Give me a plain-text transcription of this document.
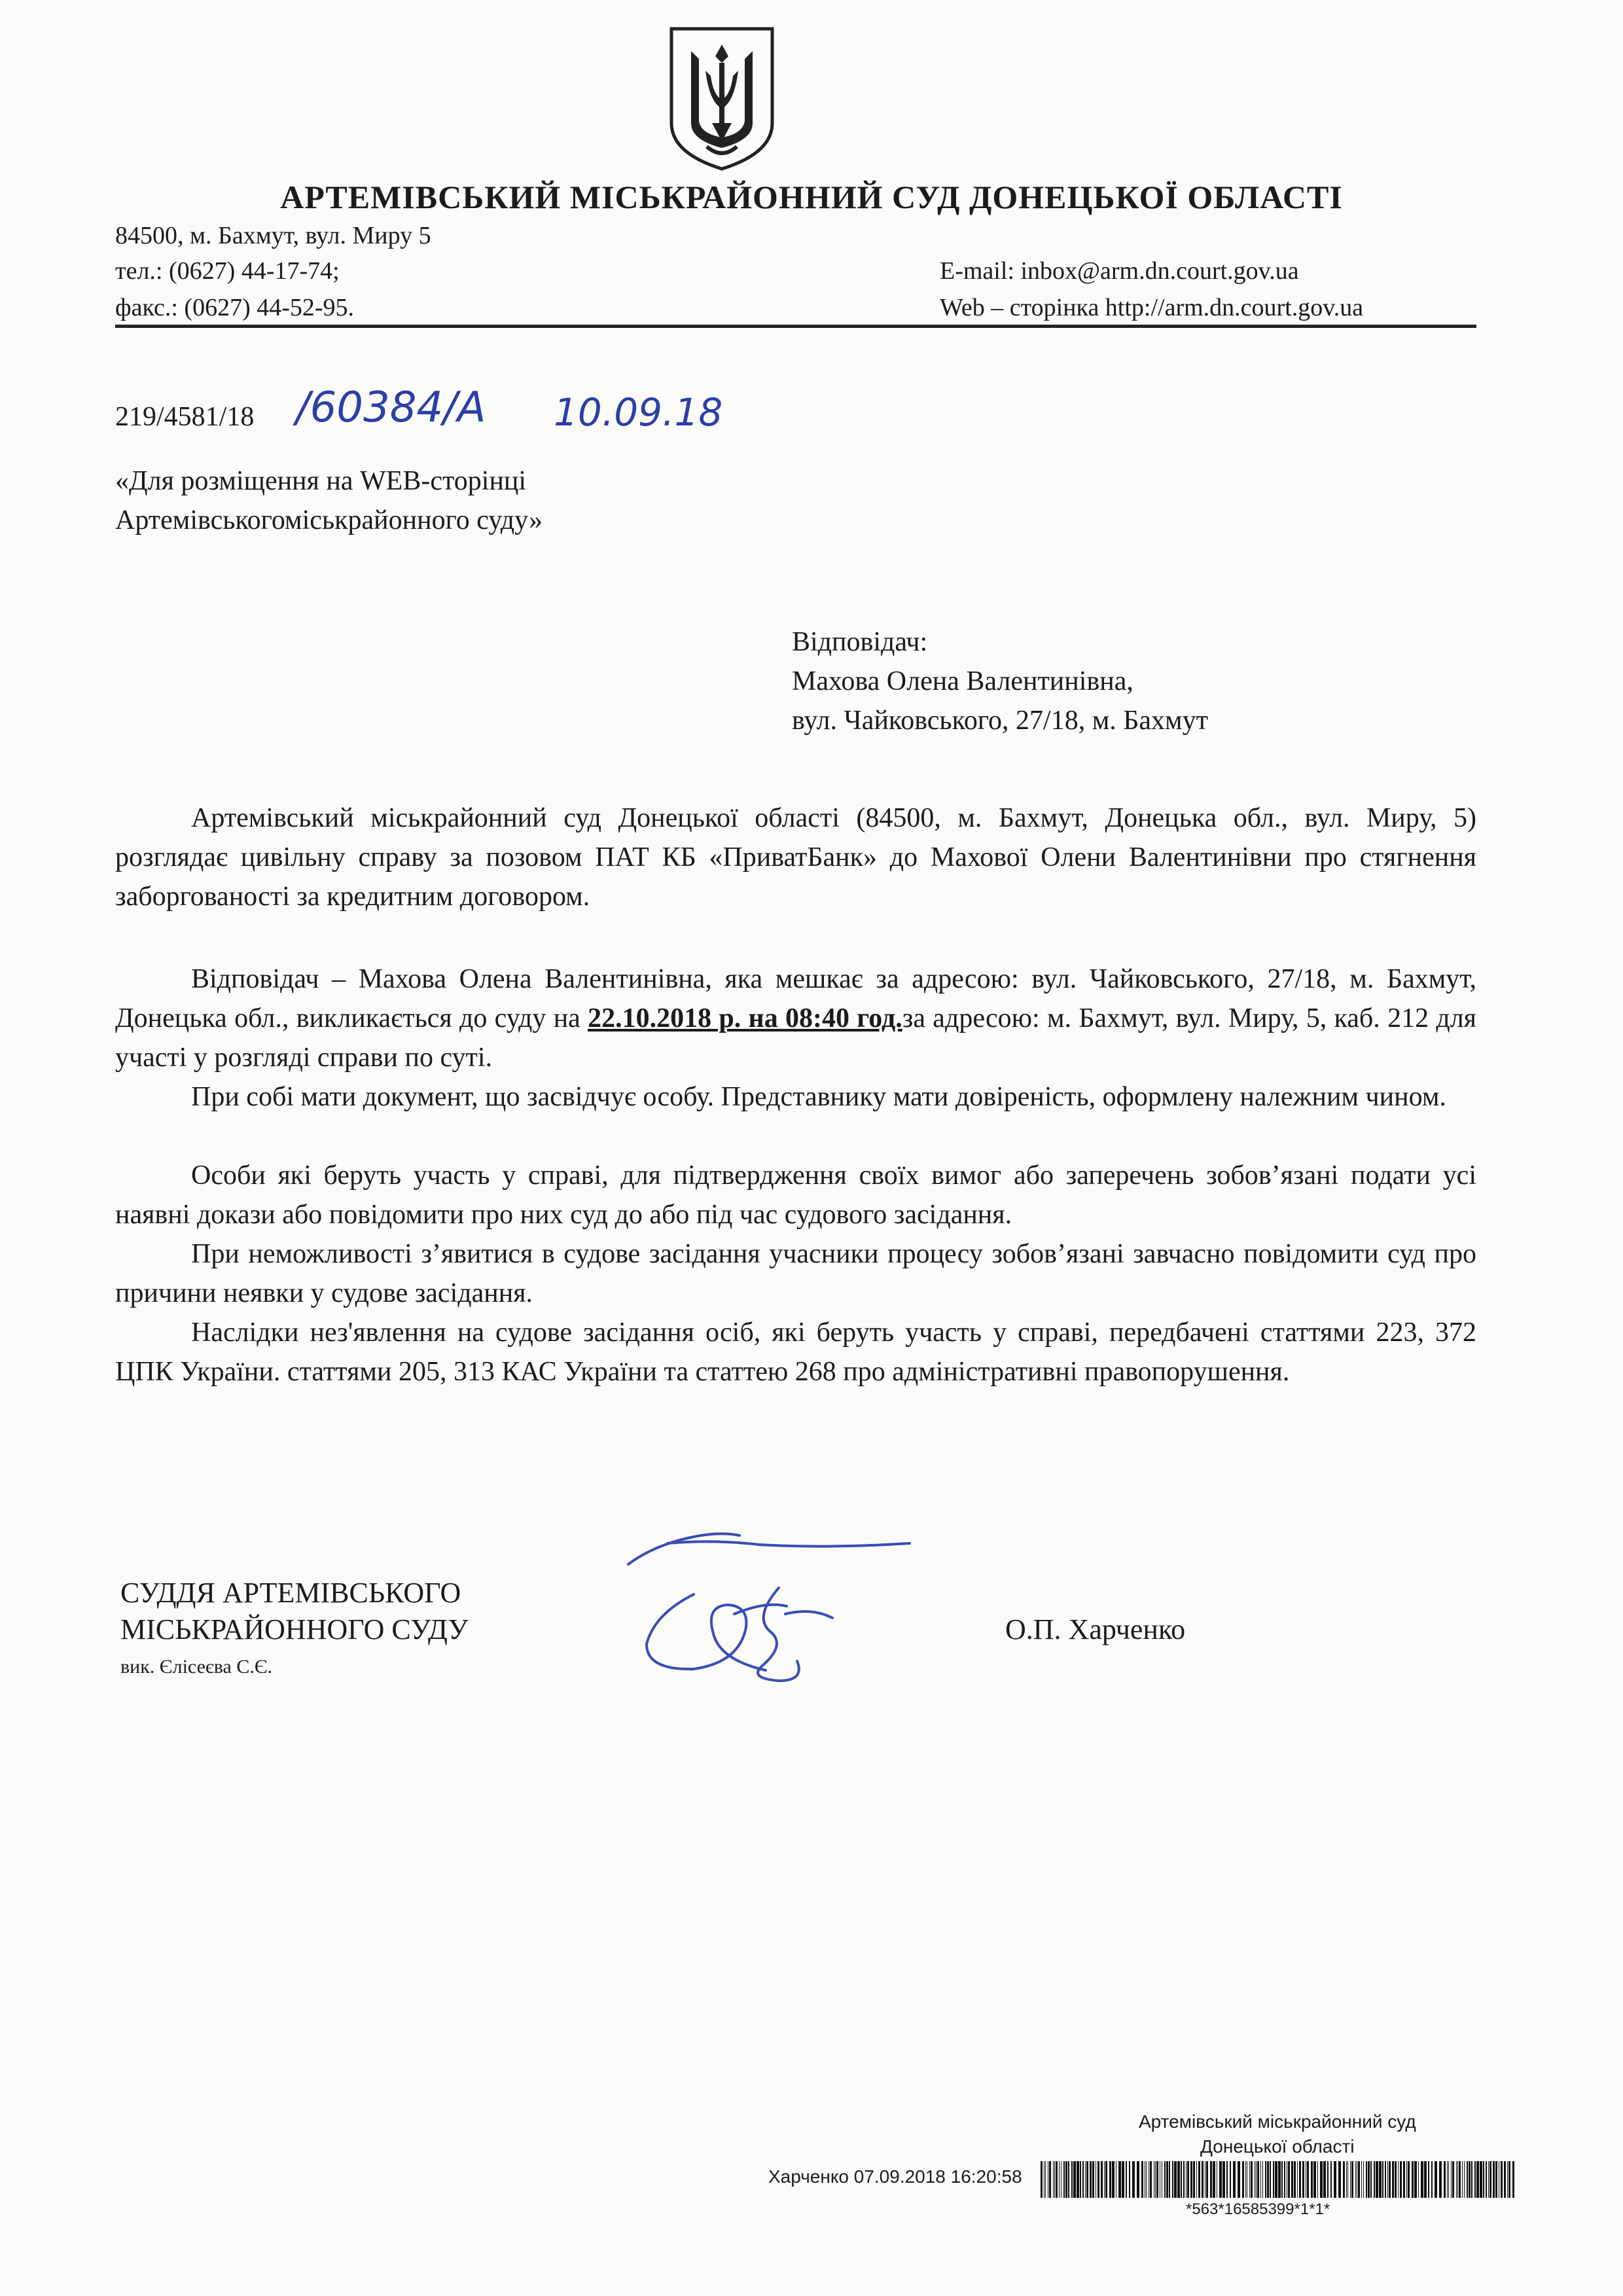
АРТЕМІВСЬКИЙ МІСЬКРАЙОННИЙ СУД ДОНЕЦЬКОЇ ОБЛАСТІ
84500, м. Бахмут, вул. Миру 5
тел.: (0627) 44-17-74;
факс.: (0627) 44-52-95.
E-mail: inbox@arm.dn.court.gov.ua
Web – сторінка http://arm.dn.court.gov.ua
219/4581/18 /60384/А 10.09.18
«Для розміщення на WEB-сторінці
Артемівськогоміськрайонного суду»
Відповідач:
Махова Олена Валентинівна,
вул. Чайковського, 27/18, м. Бахмут
Артемівський міськрайонний суд Донецької області (84500, м. Бахмут, Донецька обл., вул. Миру, 5) розглядає цивільну справу за позовом ПАТ КБ «ПриватБанк» до Махової Олени Валентинівни про стягнення заборгованості за кредитним договором.
Відповідач – Махова Олена Валентинівна, яка мешкає за адресою: вул. Чайковського, 27/18, м. Бахмут, Донецька обл., викликається до суду на 22.10.2018 р. на 08:40 год.за адресою: м. Бахмут, вул. Миру, 5, каб. 212 для участі у розгляді справи по суті.
При собі мати документ, що засвідчує особу. Представнику мати довіреність, оформлену належним чином.
Особи які беруть участь у справі, для підтвердження своїх вимог або заперечень зобов’язані подати усі наявні докази або повідомити про них суд до або під час судового засідання.
При неможливості з’явитися в судове засідання учасники процесу зобов’язані завчасно повідомити суд про причини неявки у судове засідання.
Наслідки нез'явлення на судове засідання осіб, які беруть участь у справі, передбачені статтями 223, 372 ЦПК України. статтями 205, 313 КАС України та статтею 268 про адміністративні правопорушення.
СУДДЯ АРТЕМІВСЬКОГО
МІСЬКРАЙОННОГО СУДУ
вик. Єлісеєва С.Є.
О.П. Харченко
Артемівський міськрайонний суд
Донецької області
Харченко 07.09.2018 16:20:58
*563*16585399*1*1*
